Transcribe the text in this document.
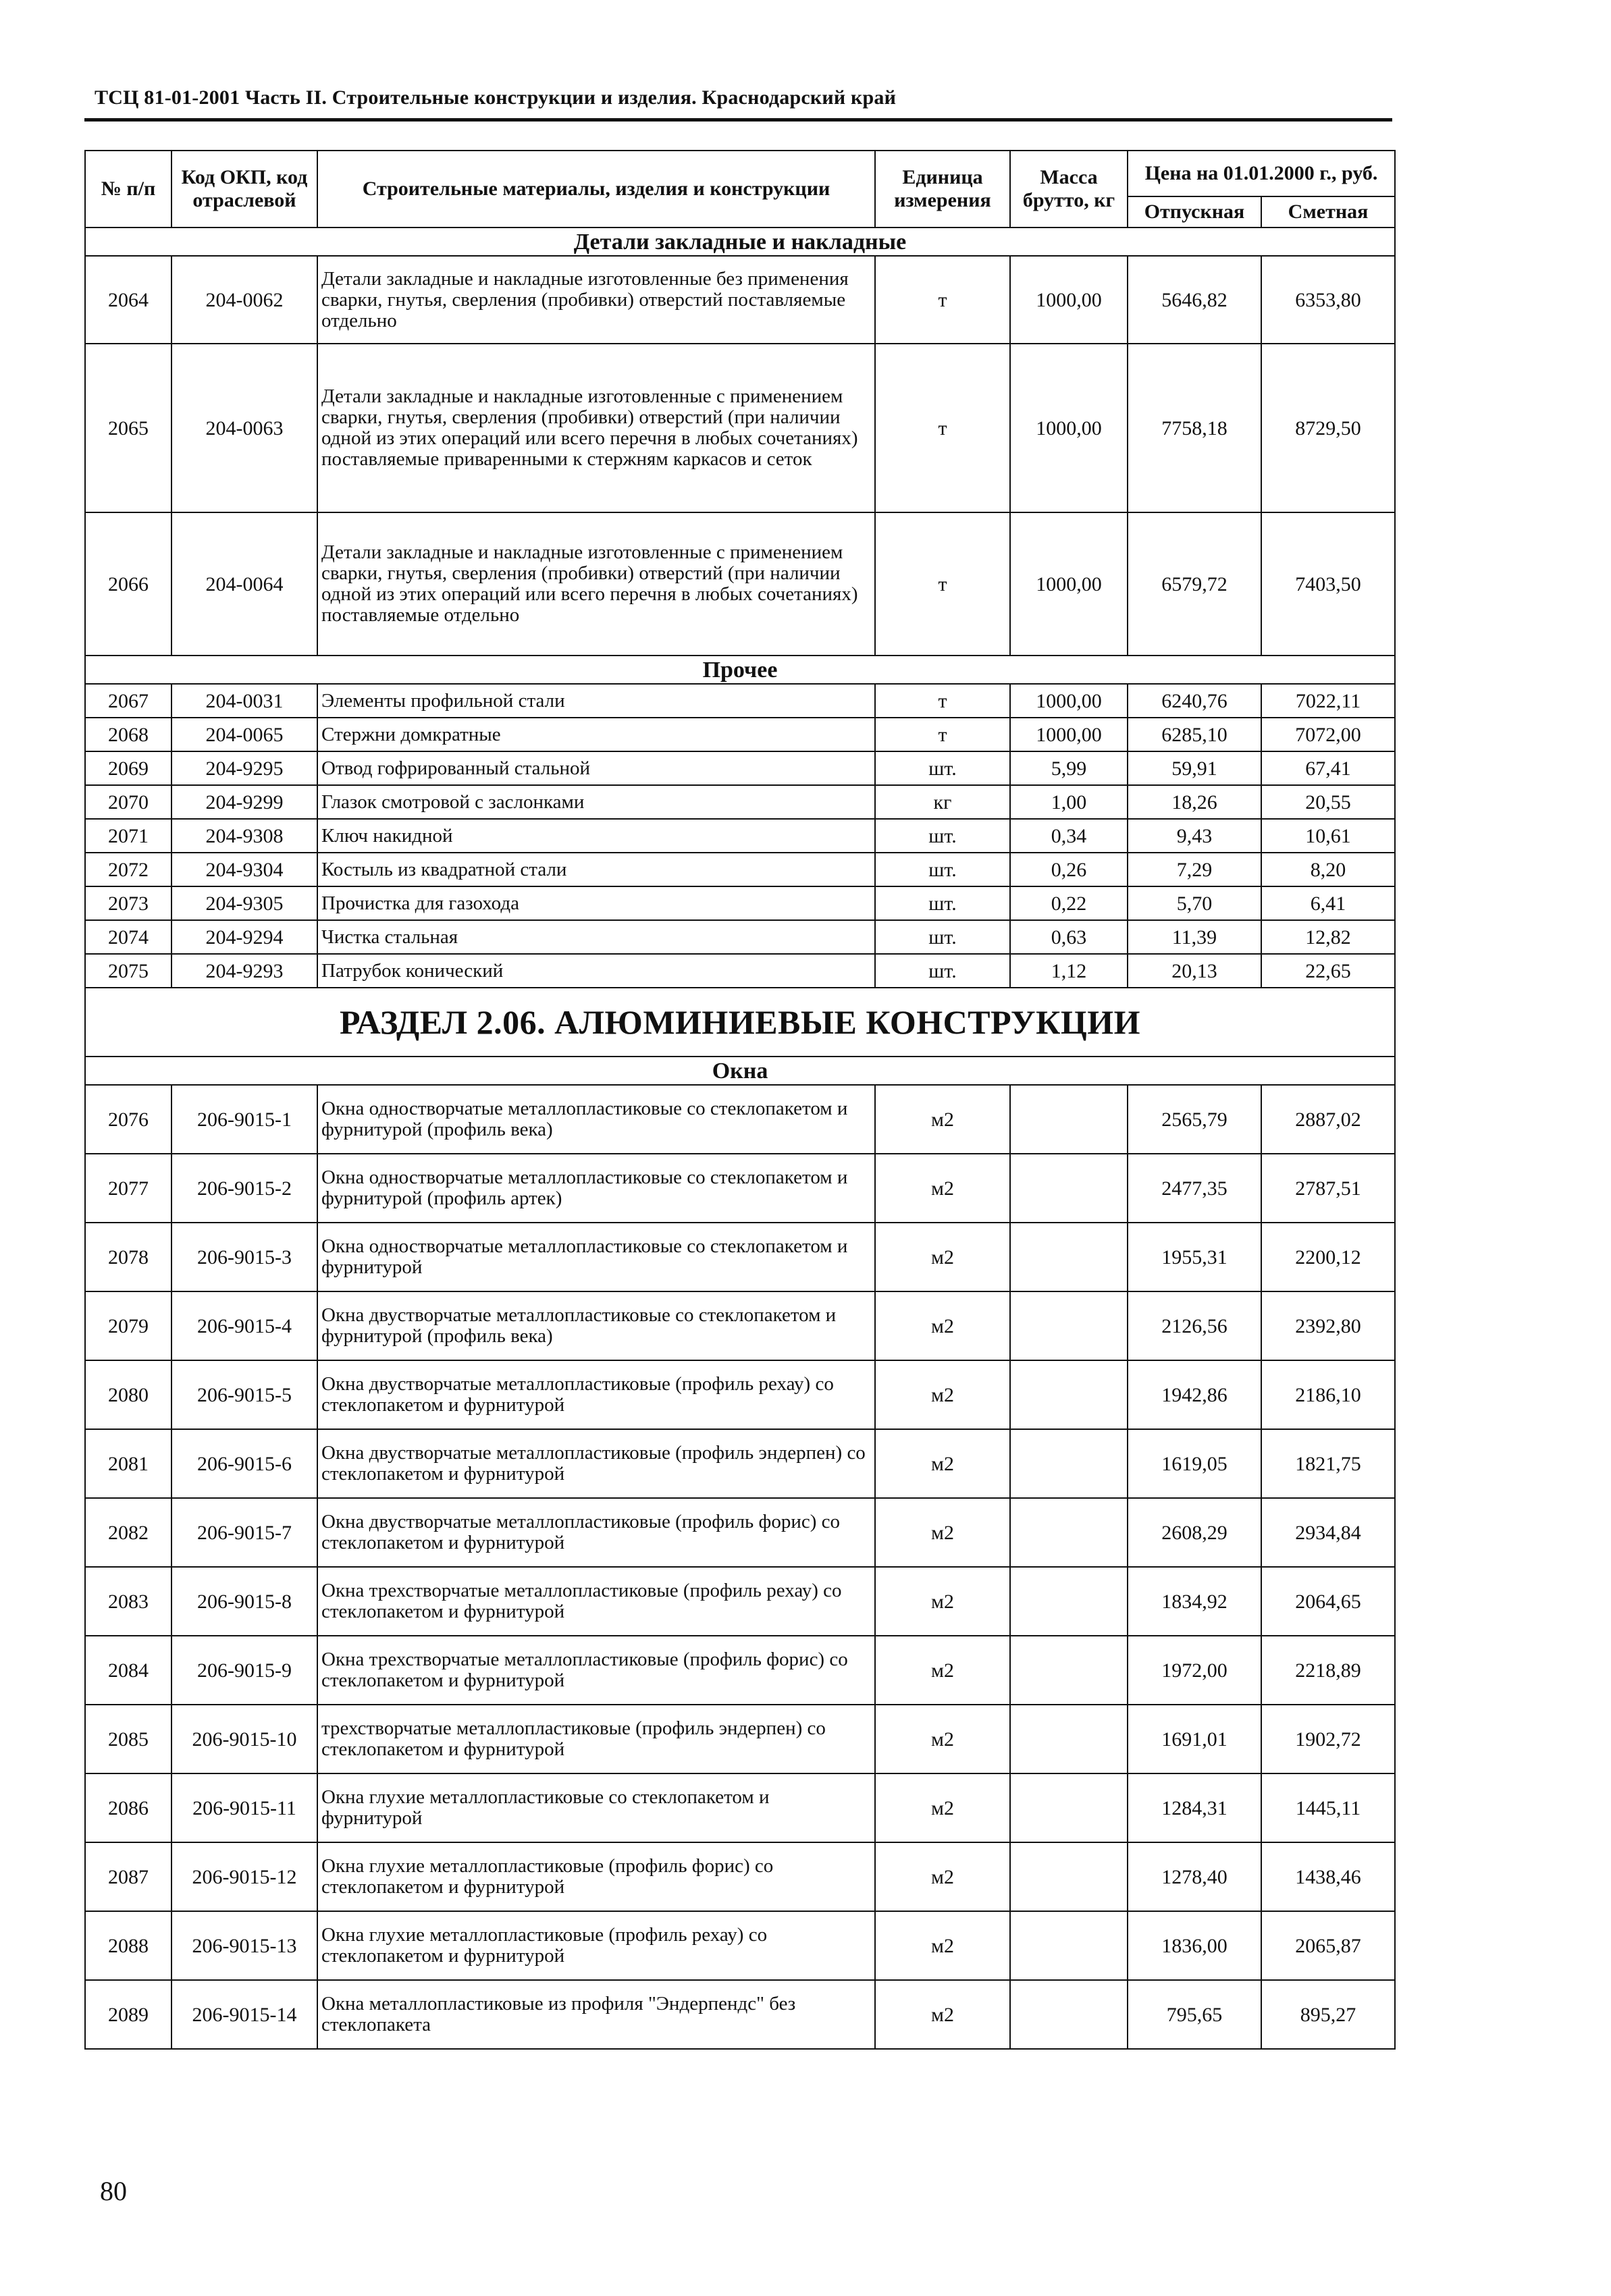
ТСЦ 81-01-2001 Часть II. Строительные конструкции и изделия. Краснодарский край
№ п/п	Код ОКП, код отраслевой	Строительные материалы, изделия и конструкции	Единица измерения	Масса брутто, кг	Цена на 01.01.2000 г., руб.	
					Отпускная	Сметная
Детали закладные и накладные						
2064	204-0062	Детали закладные и накладные изготовленные без применения сварки, гнутья, сверления (пробивки) отверстий поставляемые отдельно	т	1000,00	5646,82	6353,80
2065	204-0063	Детали закладные и накладные изготовленные с применением сварки, гнутья, сверления (пробивки) отверстий (при наличии одной из этих операций или всего перечня в любых сочетаниях) поставляемые приваренными к стержням каркасов и сеток	т	1000,00	7758,18	8729,50
2066	204-0064	Детали закладные и накладные изготовленные с применением сварки, гнутья, сверления (пробивки) отверстий (при наличии одной из этих операций или всего перечня в любых сочетаниях) поставляемые отдельно	т	1000,00	6579,72	7403,50
Прочее						
2067	204-0031	Элементы профильной стали	т	1000,00	6240,76	7022,11
2068	204-0065	Стержни домкратные	т	1000,00	6285,10	7072,00
2069	204-9295	Отвод гофрированный стальной	шт.	5,99	59,91	67,41
2070	204-9299	Глазок смотровой с заслонками	кг	1,00	18,26	20,55
2071	204-9308	Ключ накидной	шт.	0,34	9,43	10,61
2072	204-9304	Костыль из квадратной стали	шт.	0,26	7,29	8,20
2073	204-9305	Прочистка для газохода	шт.	0,22	5,70	6,41
2074	204-9294	Чистка стальная	шт.	0,63	11,39	12,82
2075	204-9293	Патрубок конический	шт.	1,12	20,13	22,65
РАЗДЕЛ 2.06. АЛЮМИНИЕВЫЕ КОНСТРУКЦИИ						
Окна						
2076	206-9015-1	Окна одностворчатые металлопластиковые со стеклопакетом и фурнитурой (профиль века)	м2		2565,79	2887,02
2077	206-9015-2	Окна одностворчатые металлопластиковые со стеклопакетом и фурнитурой (профиль артек)	м2		2477,35	2787,51
2078	206-9015-3	Окна одностворчатые металлопластиковые со стеклопакетом и фурнитурой	м2		1955,31	2200,12
2079	206-9015-4	Окна двустворчатые металлопластиковые со стеклопакетом и фурнитурой (профиль века)	м2		2126,56	2392,80
2080	206-9015-5	Окна двустворчатые металлопластиковые (профиль рехау) со стеклопакетом и фурнитурой	м2		1942,86	2186,10
2081	206-9015-6	Окна двустворчатые металлопластиковые (профиль эндерпен) со стеклопакетом и фурнитурой	м2		1619,05	1821,75
2082	206-9015-7	Окна двустворчатые металлопластиковые (профиль форис) со стеклопакетом и фурнитурой	м2		2608,29	2934,84
2083	206-9015-8	Окна трехстворчатые металлопластиковые (профиль рехау) со стеклопакетом и фурнитурой	м2		1834,92	2064,65
2084	206-9015-9	Окна трехстворчатые металлопластиковые (профиль форис) со стеклопакетом и фурнитурой	м2		1972,00	2218,89
2085	206-9015-10	трехстворчатые металлопластиковые (профиль эндерпен) со стеклопакетом и фурнитурой	м2		1691,01	1902,72
2086	206-9015-11	Окна глухие металлопластиковые со стеклопакетом и фурнитурой	м2		1284,31	1445,11
2087	206-9015-12	Окна глухие металлопластиковые (профиль форис) со стеклопакетом и фурнитурой	м2		1278,40	1438,46
2088	206-9015-13	Окна глухие металлопластиковые (профиль рехау) со стеклопакетом и фурнитурой	м2		1836,00	2065,87
2089	206-9015-14	Окна металлопластиковые из профиля "Эндерпендс" без стеклопакета	м2		795,65	895,27
80
